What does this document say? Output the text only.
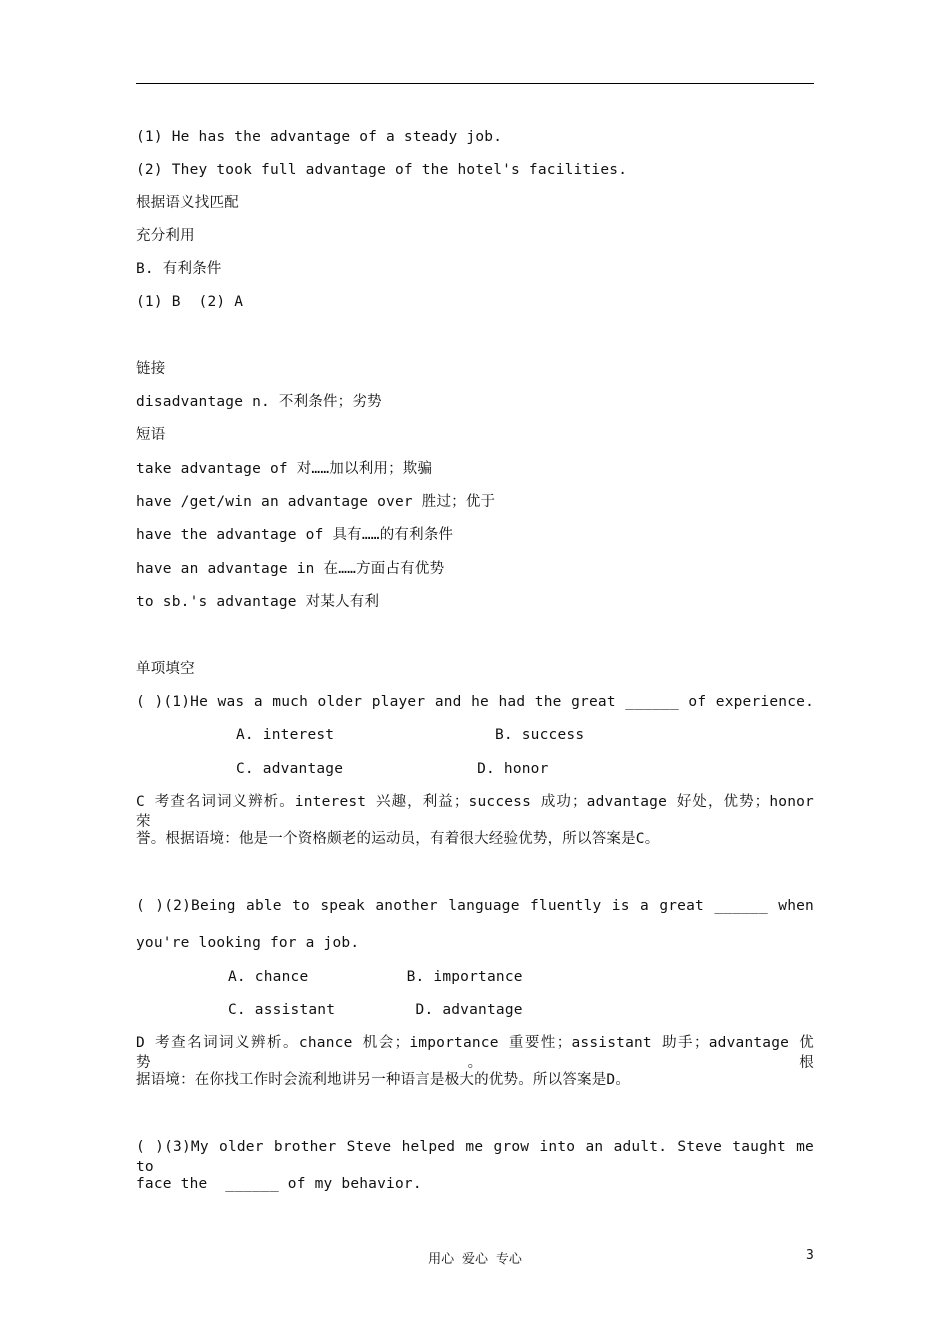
(1) He has the advantage of a steady job.
(2) They took full advantage of the hotel's facilities.
根据语义找匹配
充分利用
B. 有利条件
(1) B  (2) A
链接
disadvantage n. 不利条件；劣势
短语
take advantage of 对……加以利用；欺骗
have /get/win an advantage over 胜过；优于
have the advantage of 具有……的有利条件
have an advantage in 在……方面占有优势
to sb.'s advantage 对某人有利
单项填空
( )(1)He was a much older player and he had the great ______ of experience.
A. interest                  B. success
C. advantage               D. honor
C 考查名词词义辨析。interest 兴趣，利益；success 成功；advantage 好处，优势；honor 荣
誉。根据语境：他是一个资格颇老的运动员，有着很大经验优势，所以答案是C。
( )(2)Being able to speak another language fluently is a great ______ when
you're looking for a job.
A. chance           B. importance
C. assistant         D. advantage
D 考查名词词义辨析。chance 机会；importance 重要性；assistant 助手；advantage 优势。根
据语境：在你找工作时会流利地讲另一种语言是极大的优势。所以答案是D。
( )(3)My older brother Steve helped me grow into an adult. Steve taught me to
face the  ______ of my behavior.
用心 爱心 专心	3
